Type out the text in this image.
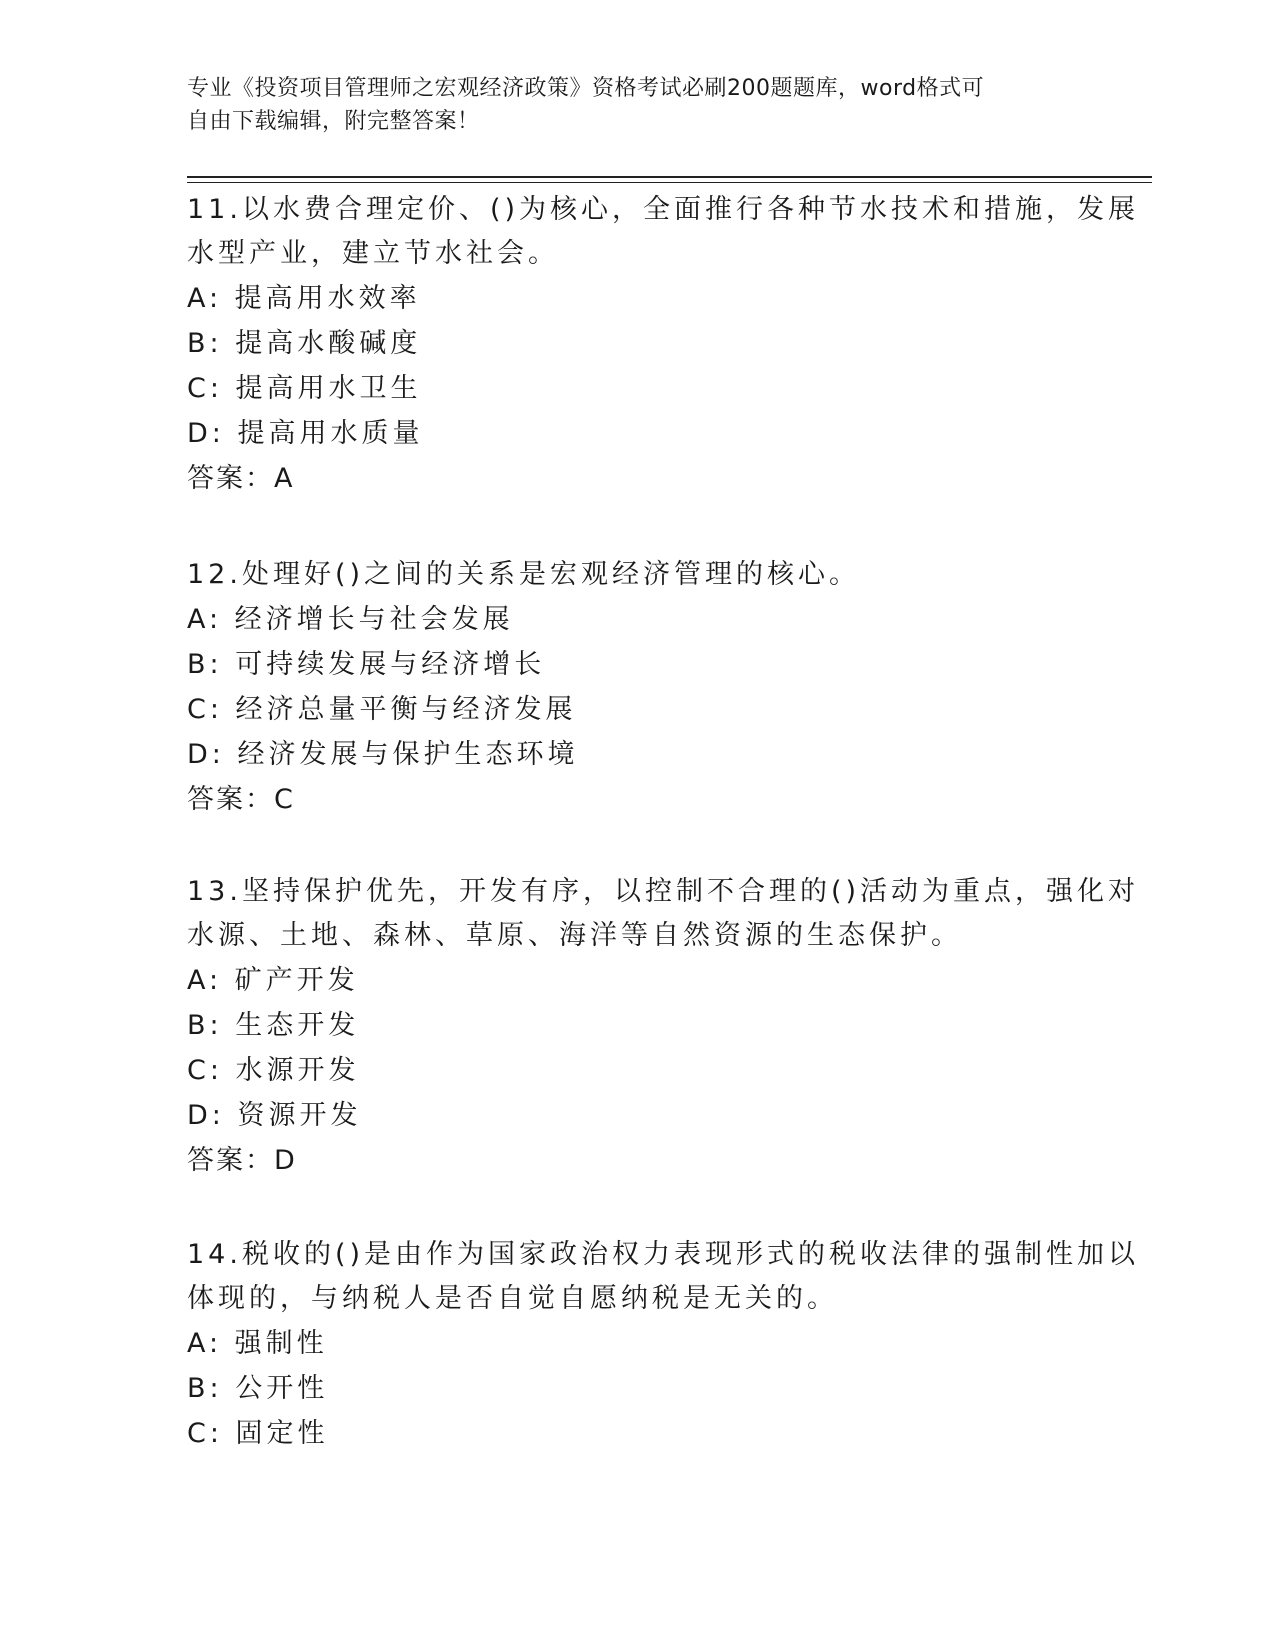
专业《投资项目管理师之宏观经济政策》资格考试必刷200题题库，word格式可
自由下载编辑，附完整答案！
11.以水费合理定价、()为核心，全面推行各种节水技术和措施，发展
水型产业，建立节水社会。
A: 提高用水效率
B: 提高水酸碱度
C: 提高用水卫生
D: 提高用水质量
答案：A
12.处理好()之间的关系是宏观经济管理的核心。
A: 经济增长与社会发展
B: 可持续发展与经济增长
C: 经济总量平衡与经济发展
D: 经济发展与保护生态环境
答案：C
13.坚持保护优先，开发有序，以控制不合理的()活动为重点，强化对
水源、土地、森林、草原、海洋等自然资源的生态保护。
A: 矿产开发
B: 生态开发
C: 水源开发
D: 资源开发
答案：D
14.税收的()是由作为国家政治权力表现形式的税收法律的强制性加以
体现的，与纳税人是否自觉自愿纳税是无关的。
A: 强制性
B: 公开性
C: 固定性
